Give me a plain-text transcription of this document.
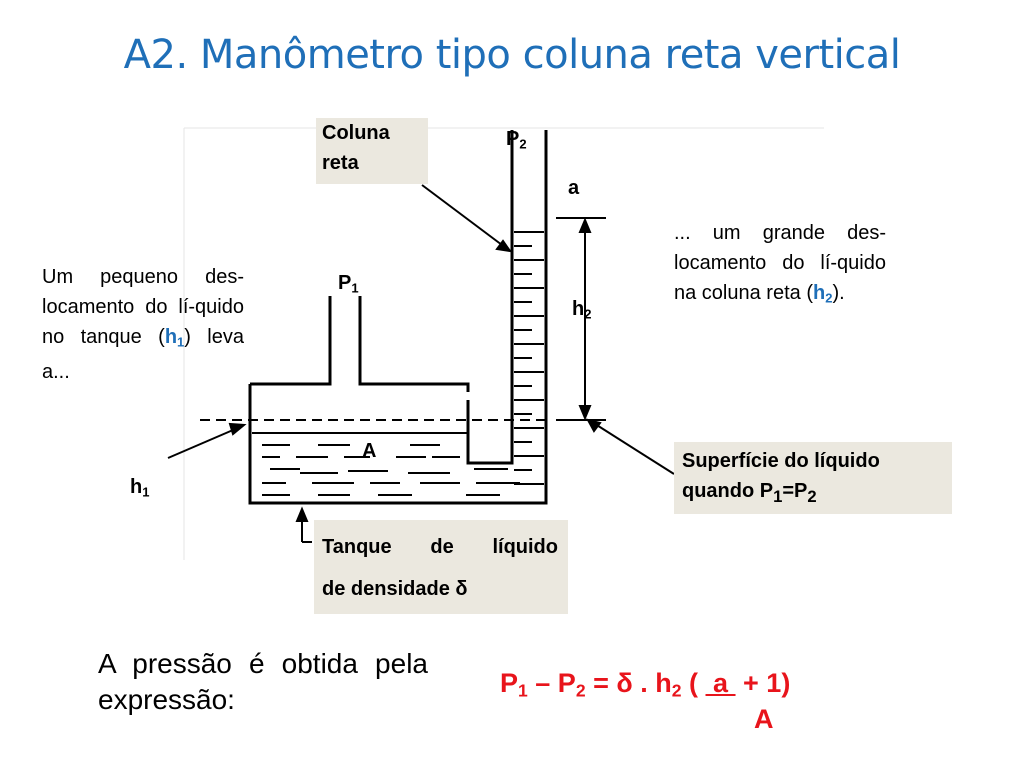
A2. Manômetro tipo coluna reta vertical
Coluna reta
$P_2$
a
$h_2$
$P_1$
A
$h_1$
Superfície do líquido
quando $P_1=P_2$
Tanque de líquido
de densidade δ
Um pequeno des-locamento do lí-quido no tanque $(h_1)$ leva a...
... um grande des-locamento do lí-quido na coluna reta $(h_2)$.
A pressão é obtida pela expressão:
$P_1 - P_2 = \delta$ . $h_2$ (  a  + 1)
A
